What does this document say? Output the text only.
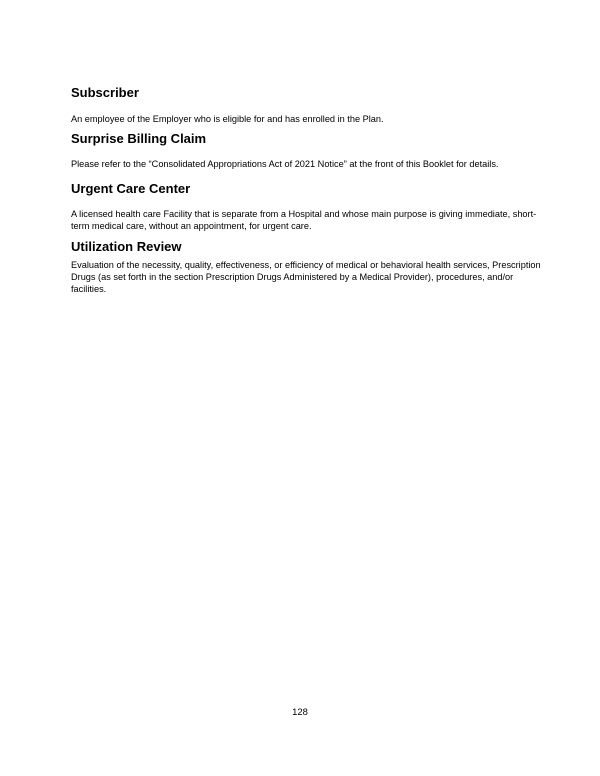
Subscriber

An employee of the Employer who is eligible for and has enrolled in the Plan.

Surprise Billing Claim

Please refer to the “Consolidated Appropriations Act of 2021 Notice” at the front of this Booklet for details.

Urgent Care Center

A licensed health care Facility that is separate from a Hospital and whose main purpose is giving immediate, short-term medical care, without an appointment, for urgent care.

Utilization Review

Evaluation of the necessity, quality, effectiveness, or efficiency of medical or behavioral health services, Prescription Drugs (as set forth in the section Prescription Drugs Administered by a Medical Provider), procedures, and/or facilities.

128
